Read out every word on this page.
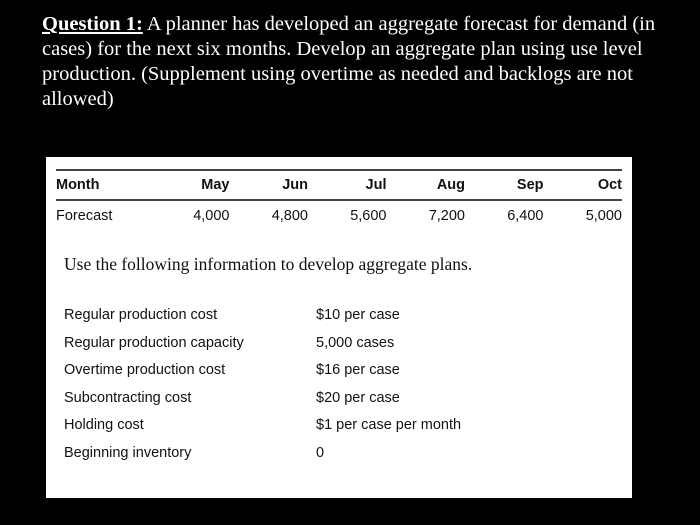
Question 1: A planner has developed an aggregate forecast for demand (in cases) for the next six months. Develop an aggregate plan using use level production. (Supplement using overtime as needed and backlogs are not allowed)
Month	May	Jun	Jul	Aug	Sep	Oct
Forecast	4,000	4,800	5,600	7,200	6,400	5,000
Use the following information to develop aggregate plans.
Regular production cost	$10 per case
Regular production capacity	5,000 cases
Overtime production cost	$16 per case
Subcontracting cost	$20 per case
Holding cost	$1 per case per month
Beginning inventory	0
